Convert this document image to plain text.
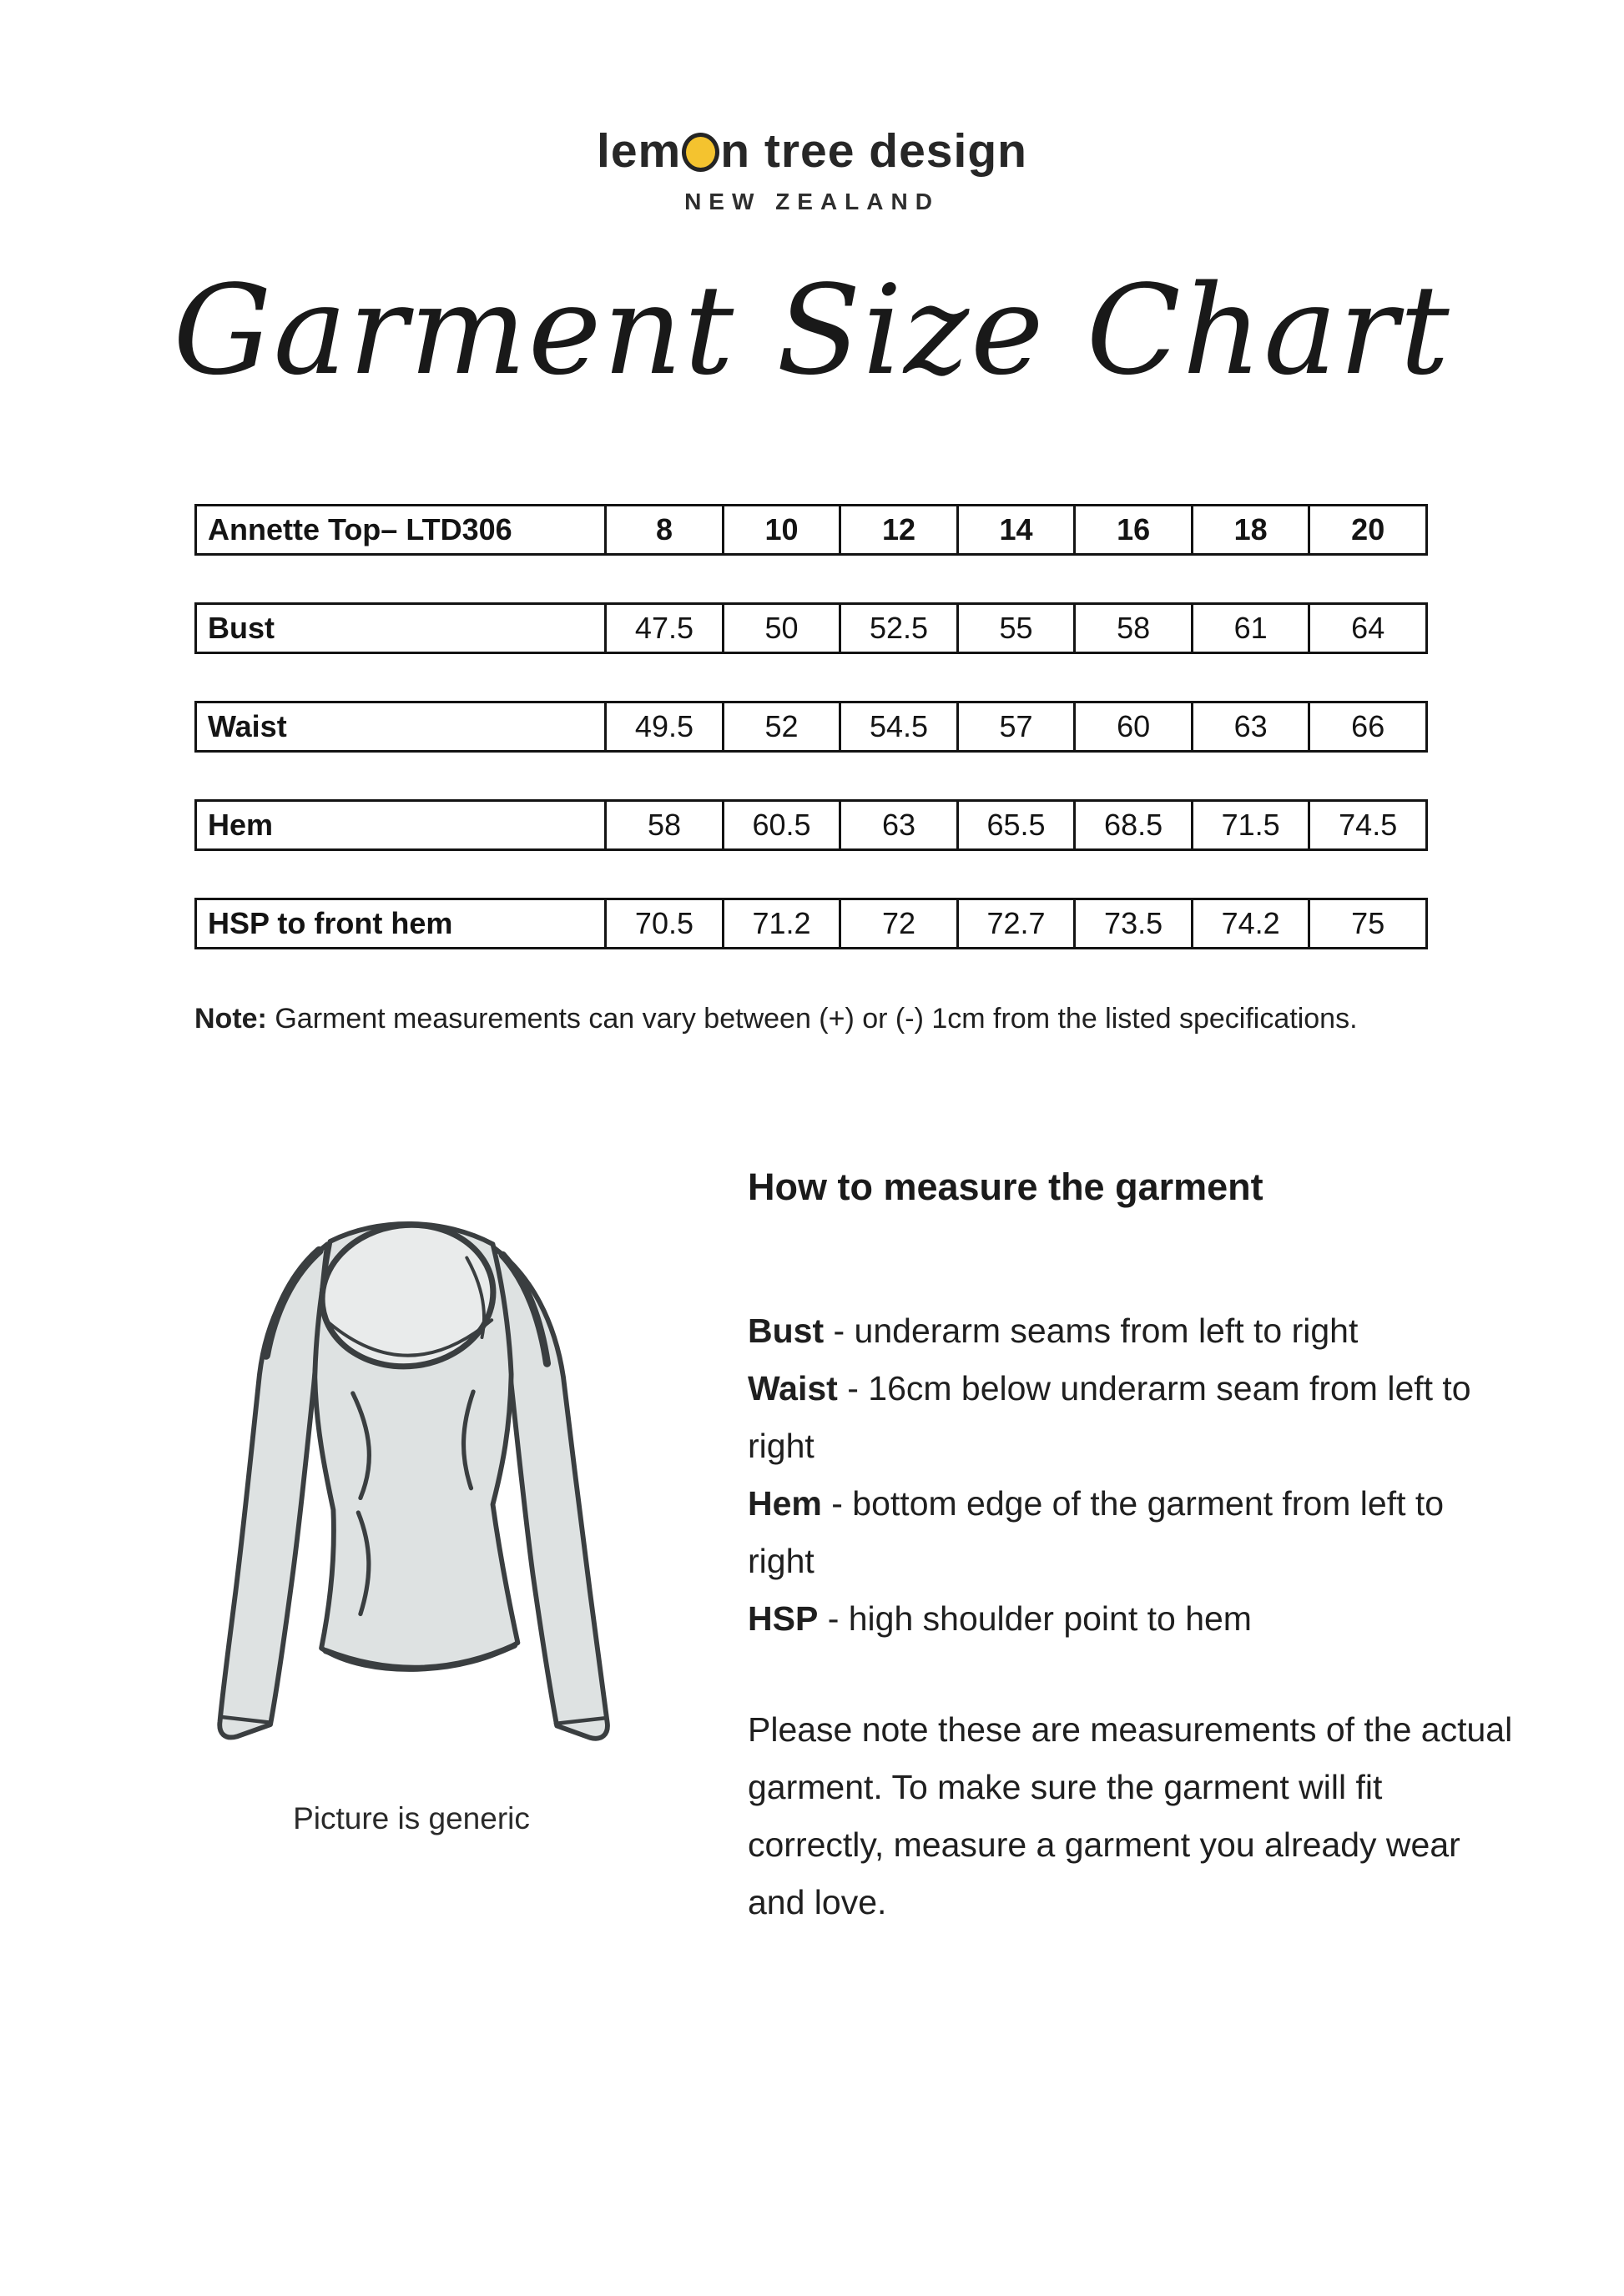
lem n tree design
NEW ZEALAND
Garment Size Chart
Annette Top– LTD306	8	10	12	14	16	18	20
Bust	47.5	50	52.5	55	58	61	64
Waist	49.5	52	54.5	57	60	63	66
Hem	58	60.5	63	65.5	68.5	71.5	74.5
HSP to front hem	70.5	71.2	72	72.7	73.5	74.2	75
Note: Garment measurements can vary between (+) or (-) 1cm from the listed specifications.
Picture is generic
How to measure the garment
Bust - underarm seams from left to right
Waist - 16cm below underarm seam from left to right
Hem - bottom edge of the garment from left to right
HSP - high shoulder point to hem
Please note these are measurements of the actual garment. To make sure the garment will fit correctly, measure a garment you already wear and love.
